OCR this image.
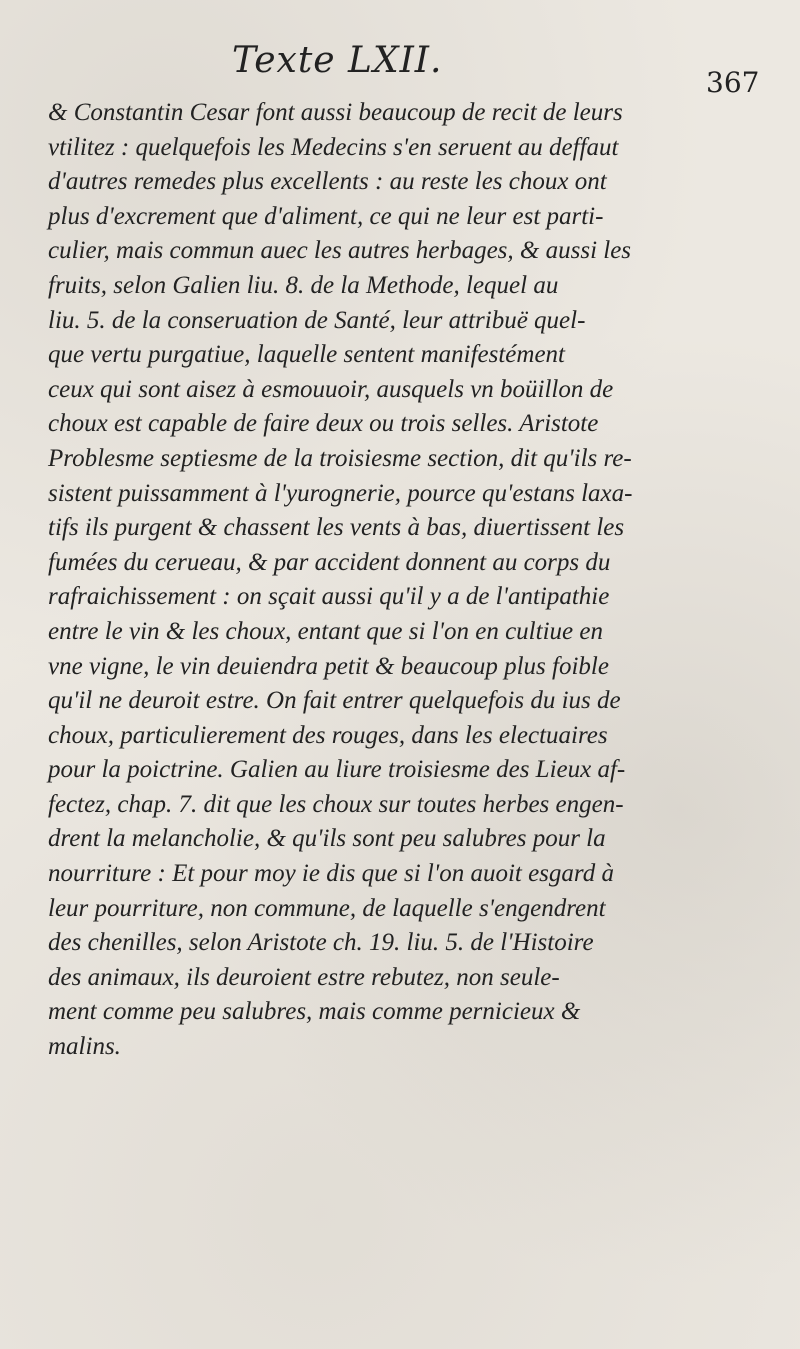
Texte LXII.
367
& Constantin Cesar font aussi beaucoup de recit de leurs
vtilitez : quelquefois les Medecins s'en seruent au deffaut
d'autres remedes plus excellents : au reste les choux ont
plus d'excrement que d'aliment, ce qui ne leur est parti-
culier, mais commun auec les autres herbages, & aussi les
fruits, selon Galien liu. 8. de la Methode, lequel au
liu. 5. de la conseruation de Santé, leur attribuë quel-
que vertu purgatiue, laquelle sentent manifestément
ceux qui sont aisez à esmouuoir, ausquels vn boüillon de
choux est capable de faire deux ou trois selles. Aristote
Problesme septiesme de la troisiesme section, dit qu'ils re-
sistent puissamment à l'yurognerie, pource qu'estans laxa-
tifs ils purgent & chassent les vents à bas, diuertissent les
fumées du cerueau, & par accident donnent au corps du
rafraichissement : on sçait aussi qu'il y a de l'antipathie
entre le vin & les choux, entant que si l'on en cultiue en
vne vigne, le vin deuiendra petit & beaucoup plus foible
qu'il ne deuroit estre. On fait entrer quelquefois du ius de
choux, particulierement des rouges, dans les electuaires
pour la poictrine. Galien au liure troisiesme des Lieux af-
fectez, chap. 7. dit que les choux sur toutes herbes engen-
drent la melancholie, & qu'ils sont peu salubres pour la
nourriture : Et pour moy ie dis que si l'on auoit esgard à
leur pourriture, non commune, de laquelle s'engendrent
des chenilles, selon Aristote ch. 19. liu. 5. de l'Histoire
des animaux, ils deuroient estre rebutez, non seule-
ment comme peu salubres, mais comme pernicieux &
malins.
